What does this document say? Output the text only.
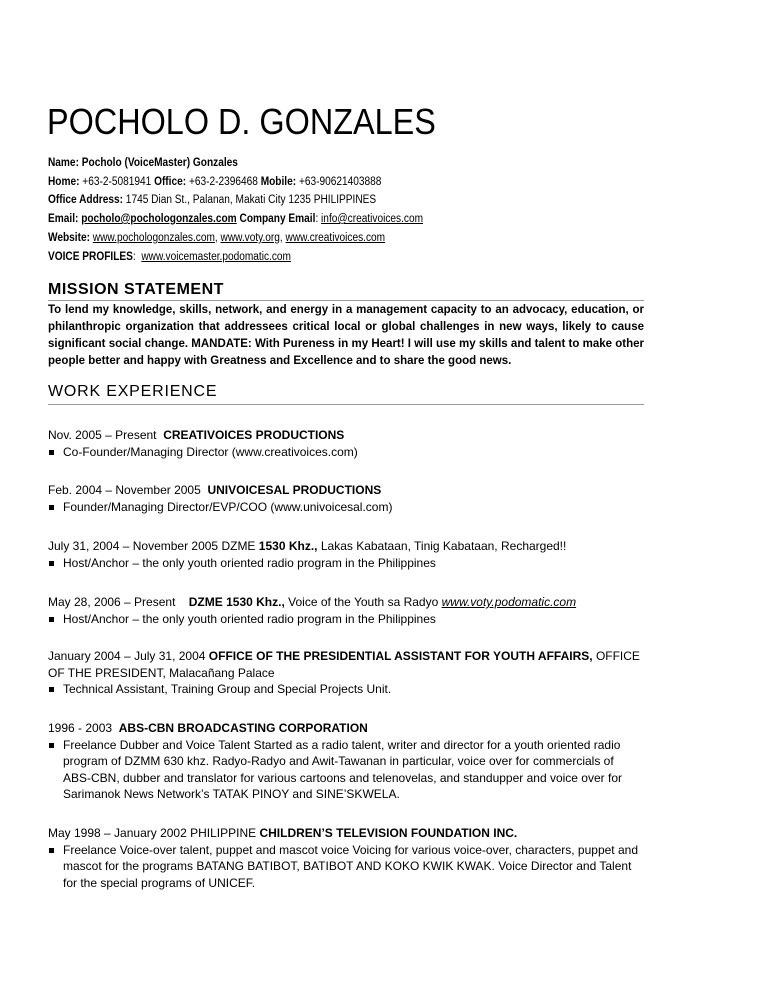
POCHOLO D. GONZALES
Name: Pocholo (VoiceMaster) Gonzales
Home: +63-2-5081941 Office: +63-2-2396468 Mobile: +63-90621403888
Office Address: 1745 Dian St., Palanan, Makati City 1235 PHILIPPINES
Email: pocholo@pochologonzales.com Company Email: info@creativoices.com
Website: www.pochologonzales.com, www.voty.org, www.creativoices.com
VOICE PROFILES:  www.voicemaster.podomatic.com
MISSION STATEMENT
To lend my knowledge, skills, network, and energy in a management capacity to an advocacy, education, or philanthropic organization that addressees critical local or global challenges in new ways, likely to cause significant social change. MANDATE: With Pureness in my Heart! I will use my skills and talent to make other people better and happy with Greatness and Excellence and to share the good news.
WORK EXPERIENCE
Nov. 2005 – Present CREATIVOICES PRODUCTIONS
Co-Founder/Managing Director (www.creativoices.com)
Feb. 2004 – November 2005 UNIVOICESAL PRODUCTIONS
Founder/Managing Director/EVP/COO (www.univoicesal.com)
July 31, 2004 – November 2005 DZME 1530 Khz., Lakas Kabataan, Tinig Kabataan, Recharged!!
Host/Anchor – the only youth oriented radio program in the Philippines
May 28, 2006 – Present DZME 1530 Khz., Voice of the Youth sa Radyo www.voty.podomatic.com
Host/Anchor – the only youth oriented radio program in the Philippines
January 2004 – July 31, 2004 OFFICE OF THE PRESIDENTIAL ASSISTANT FOR YOUTH AFFAIRS, OFFICE OF THE PRESIDENT, Malacañang Palace
Technical Assistant, Training Group and Special Projects Unit.
1996 - 2003 ABS-CBN BROADCASTING CORPORATION
Freelance Dubber and Voice Talent Started as a radio talent, writer and director for a youth oriented radio program of DZMM 630 khz. Radyo-Radyo and Awit-Tawanan in particular, voice over for commercials of ABS-CBN, dubber and translator for various cartoons and telenovelas, and standupper and voice over for Sarimanok News Network’s TATAK PINOY and SINE’SKWELA.
May 1998 – January 2002 PHILIPPINE CHILDREN’S TELEVISION FOUNDATION INC.
Freelance Voice-over talent, puppet and mascot voice Voicing for various voice-over, characters, puppet and mascot for the programs BATANG BATIBOT, BATIBOT AND KOKO KWIK KWAK. Voice Director and Talent for the special programs of UNICEF.
